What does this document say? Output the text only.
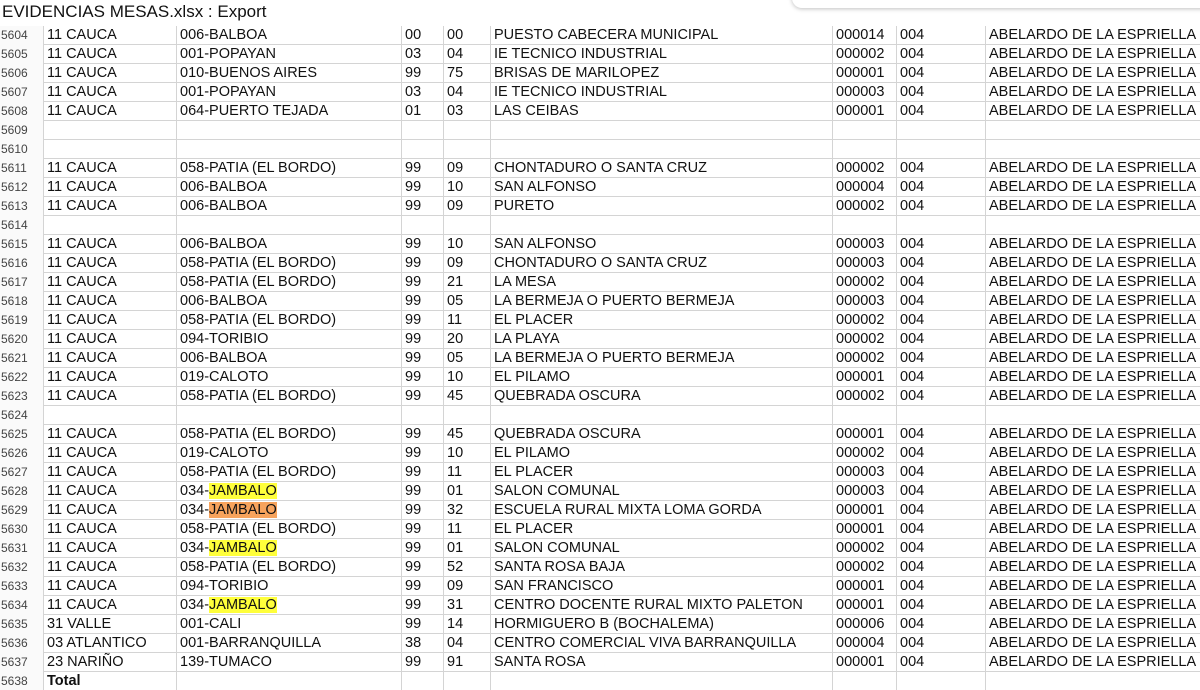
EVIDENCIAS MESAS.xlsx : Export
5604	11 CAUCA	006-BALBOA	00	00	PUESTO CABECERA MUNICIPAL	000014	004	ABELARDO DE LA ESPRIELLA
5605	11 CAUCA	001-POPAYAN	03	04	IE TECNICO INDUSTRIAL	000002	004	ABELARDO DE LA ESPRIELLA
5606	11 CAUCA	010-BUENOS AIRES	99	75	BRISAS DE MARILOPEZ	000001	004	ABELARDO DE LA ESPRIELLA
5607	11 CAUCA	001-POPAYAN	03	04	IE TECNICO INDUSTRIAL	000003	004	ABELARDO DE LA ESPRIELLA
5608	11 CAUCA	064-PUERTO TEJADA	01	03	LAS CEIBAS	000001	004	ABELARDO DE LA ESPRIELLA
5609
5610
5611	11 CAUCA	058-PATIA (EL BORDO)	99	09	CHONTADURO O SANTA CRUZ	000002	004	ABELARDO DE LA ESPRIELLA
5612	11 CAUCA	006-BALBOA	99	10	SAN ALFONSO	000004	004	ABELARDO DE LA ESPRIELLA
5613	11 CAUCA	006-BALBOA	99	09	PURETO	000002	004	ABELARDO DE LA ESPRIELLA
5614
5615	11 CAUCA	006-BALBOA	99	10	SAN ALFONSO	000003	004	ABELARDO DE LA ESPRIELLA
5616	11 CAUCA	058-PATIA (EL BORDO)	99	09	CHONTADURO O SANTA CRUZ	000003	004	ABELARDO DE LA ESPRIELLA
5617	11 CAUCA	058-PATIA (EL BORDO)	99	21	LA MESA	000002	004	ABELARDO DE LA ESPRIELLA
5618	11 CAUCA	006-BALBOA	99	05	LA BERMEJA O PUERTO BERMEJA	000003	004	ABELARDO DE LA ESPRIELLA
5619	11 CAUCA	058-PATIA (EL BORDO)	99	11	EL PLACER	000002	004	ABELARDO DE LA ESPRIELLA
5620	11 CAUCA	094-TORIBIO	99	20	LA PLAYA	000002	004	ABELARDO DE LA ESPRIELLA
5621	11 CAUCA	006-BALBOA	99	05	LA BERMEJA O PUERTO BERMEJA	000002	004	ABELARDO DE LA ESPRIELLA
5622	11 CAUCA	019-CALOTO	99	10	EL PILAMO	000001	004	ABELARDO DE LA ESPRIELLA
5623	11 CAUCA	058-PATIA (EL BORDO)	99	45	QUEBRADA OSCURA	000002	004	ABELARDO DE LA ESPRIELLA
5624
5625	11 CAUCA	058-PATIA (EL BORDO)	99	45	QUEBRADA OSCURA	000001	004	ABELARDO DE LA ESPRIELLA
5626	11 CAUCA	019-CALOTO	99	10	EL PILAMO	000002	004	ABELARDO DE LA ESPRIELLA
5627	11 CAUCA	058-PATIA (EL BORDO)	99	11	EL PLACER	000003	004	ABELARDO DE LA ESPRIELLA
5628	11 CAUCA	034-JAMBALO	99	01	SALON COMUNAL	000003	004	ABELARDO DE LA ESPRIELLA
5629	11 CAUCA	034-JAMBALO	99	32	ESCUELA RURAL MIXTA LOMA GORDA	000001	004	ABELARDO DE LA ESPRIELLA
5630	11 CAUCA	058-PATIA (EL BORDO)	99	11	EL PLACER	000001	004	ABELARDO DE LA ESPRIELLA
5631	11 CAUCA	034-JAMBALO	99	01	SALON COMUNAL	000002	004	ABELARDO DE LA ESPRIELLA
5632	11 CAUCA	058-PATIA (EL BORDO)	99	52	SANTA ROSA BAJA	000002	004	ABELARDO DE LA ESPRIELLA
5633	11 CAUCA	094-TORIBIO	99	09	SAN FRANCISCO	000001	004	ABELARDO DE LA ESPRIELLA
5634	11 CAUCA	034-JAMBALO	99	31	CENTRO DOCENTE RURAL MIXTO PALETON	000001	004	ABELARDO DE LA ESPRIELLA
5635	31 VALLE	001-CALI	99	14	HORMIGUERO B (BOCHALEMA)	000006	004	ABELARDO DE LA ESPRIELLA
5636	03 ATLANTICO	001-BARRANQUILLA	38	04	CENTRO COMERCIAL VIVA BARRANQUILLA	000004	004	ABELARDO DE LA ESPRIELLA
5637	23 NARIÑO	139-TUMACO	99	91	SANTA ROSA	000001	004	ABELARDO DE LA ESPRIELLA
5638	Total
